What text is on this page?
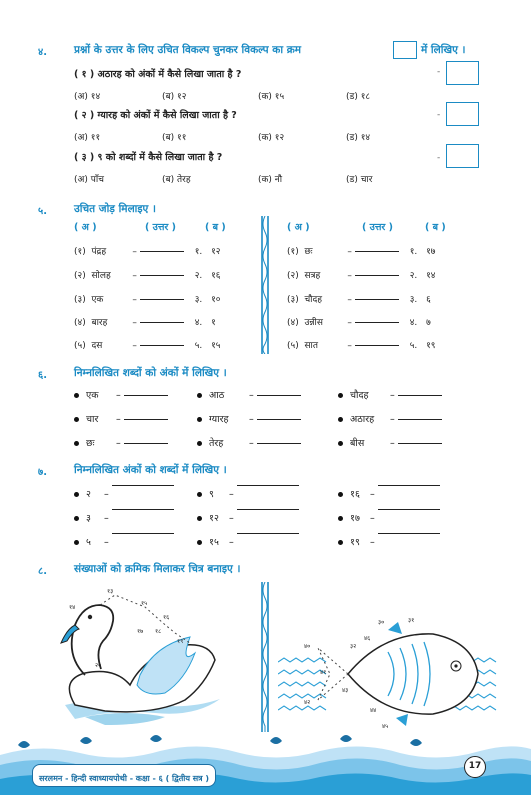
४.	प्रश्नों के उत्तर के लिए उचित विकल्प चुनकर विकल्प का क्रम	में लिखिए ।
( १ ) अठारह को अंकों में कैसे लिखा जाता है ?	-
(अ) १४	(ब) १२	(क) १५	(ड) १८
( २ ) ग्यारह को अंकों में कैसे लिखा जाता है ?	-
(अ) ११	(ब) ११	(क) १२	(ड) १४
( ३ ) ९ को शब्दों में कैसे लिखा जाता है ?	-
(अ) पाँच	(ब) तेरह	(क) नौ	(ड) चार
५.	उचित जोड़ मिलाइए ।
( अ )	( उत्तर )	( ब )	( अ )	( उत्तर )	( ब )
(१) पंद्रह	–	१. १२
(२) सोलह –	२. १६
(३) एक	–	३. १०
(४) बारह	–	४. १
(५) दस	–	५. १५
(१) छः	–	१. १७
(२) सत्रह	–	२. १४
(३) चौदह	–	३. ६
(४) उन्नीस	–	४. ७
(५) सात	–	५. १९
६.	निम्नलिखित शब्दों को अंकों में लिखिए ।
एक –	आठ	–	चौदह –
चार –	ग्यारह –	अठारह –
छः –	तेरह	–	बीस	–
७.	निम्नलिखित अंकों को शब्दों में लिखिए ।
२ –	९ –	१६ –
३ –	१२ –	१७ –
५ –	१५ –	१९ –
८.	संख्याओं को क्रमिक मिलाकर चित्र बनाइए ।
१३
१४
१५
१६
१७ १८
१९
२०
३०	३१
३२
४०
४१
४२
४३
४४
४५
४६
सरलमन - हिन्दी स्वाध्यायपोथी - कक्षा - ६ ( द्वितीय सत्र )
17
